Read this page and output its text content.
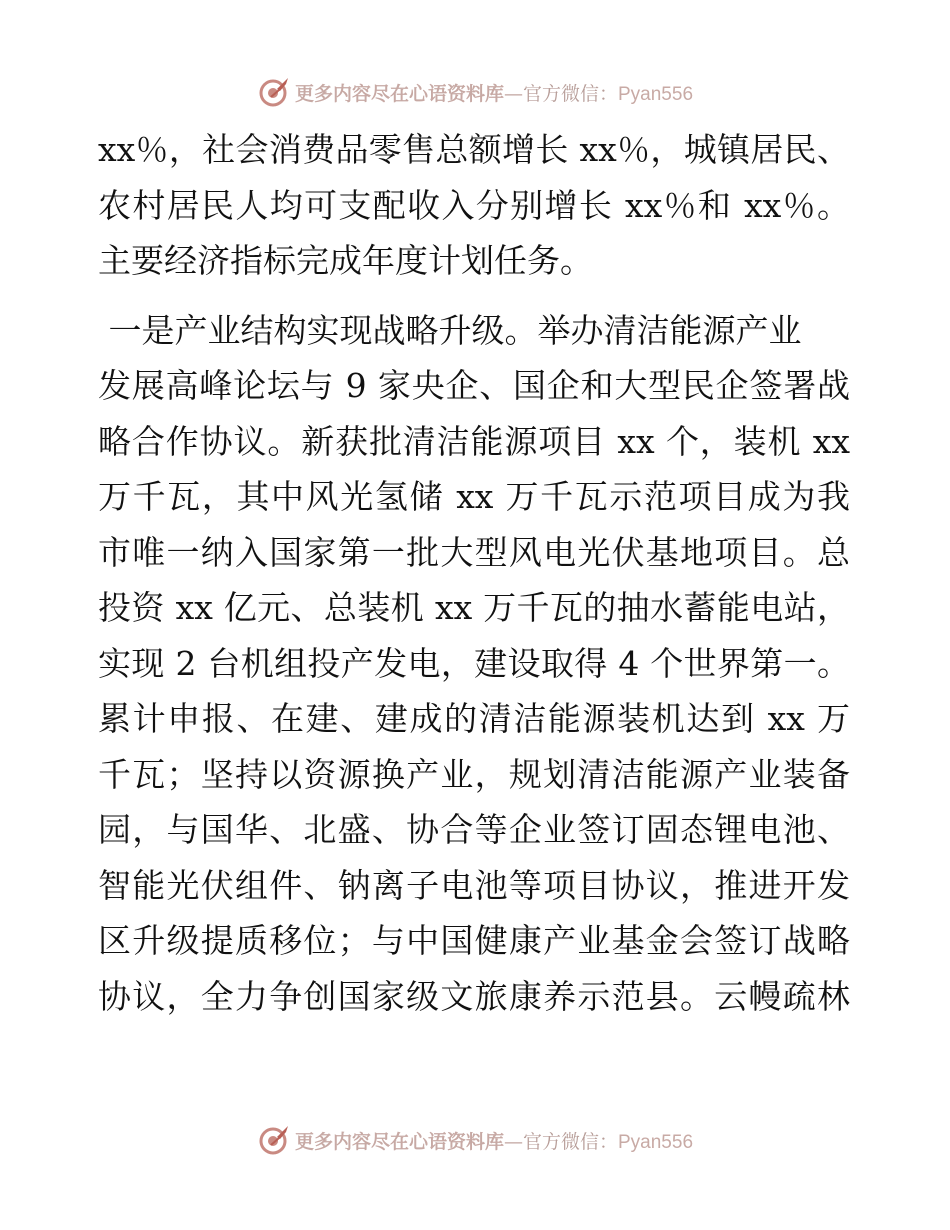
更多内容尽在心语资料库—官方微信：Pyan556
xx％，社会消费品零售总额增长 xx％，城镇居民、
农村居民人均可支配收入分别增长 xx％和 xx％。
主要经济指标完成年度计划任务。
一是产业结构实现战略升级。举办清洁能源产业
发展高峰论坛与 9 家央企、国企和大型民企签署战
略合作协议。新获批清洁能源项目 xx 个，装机 xx
万千瓦，其中风光氢储 xx 万千瓦示范项目成为我
市唯一纳入国家第一批大型风电光伏基地项目。总
投资 xx 亿元、总装机 xx 万千瓦的抽水蓄能电站，
实现 2 台机组投产发电，建设取得 4 个世界第一。
累计申报、在建、建成的清洁能源装机达到 xx 万
千瓦；坚持以资源换产业，规划清洁能源产业装备
园，与国华、北盛、协合等企业签订固态锂电池、
智能光伏组件、钠离子电池等项目协议，推进开发
区升级提质移位；与中国健康产业基金会签订战略
协议，全力争创国家级文旅康养示范县。云幔疏林
更多内容尽在心语资料库—官方微信：Pyan556
